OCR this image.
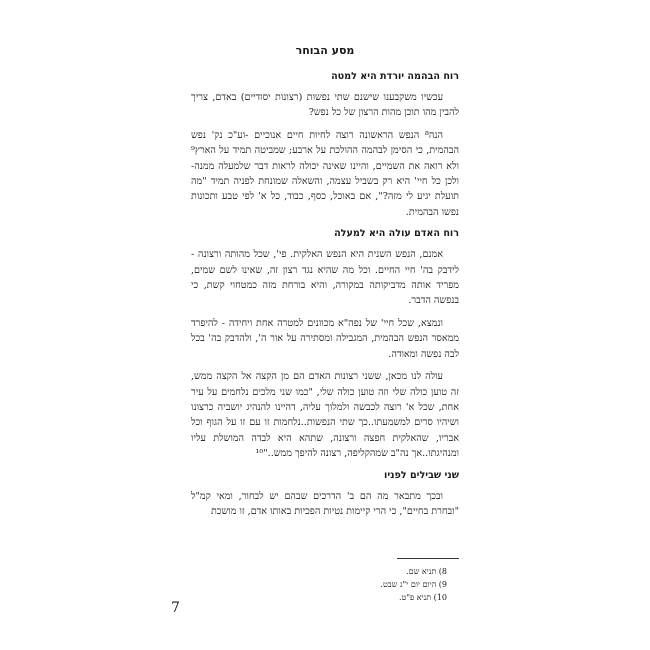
מסע הבוחר
רוח הבהמה יורדת היא למטה

עכשיו משקבענו שישנם שתי נפשות (רצונות יסודיים) באדם, צריך להבין מהו תוכן מהות הרצון של כל נפש?

הנה⁸ הנפש הראשונה רוצה לחיות חיים אנוכיים -וע"כ נק' נפש הבהמית, כי הסימן לבהמה ההולכת על ארבע; שמביטה תמיד על הארץ⁹ ולא רואה את השמיים, והיינו שאינה יכולה לראות דבר שלמעלה ממנה- ולכן כל חיי' היא רק בשביל עצמה, והשאלה שמונחת לפניה תמיד "מה תועלת יגיע לי מזה?", אם באוכל, כסף, כבוד, כל א' לפי טבע ותכונות נפשו הבהמית.

רוח האדם עולה היא למעלה

אמנם, הנפש השנית היא הנפש האלקית. פי', שכל מהותה ורצונה -לידבק בה' חיי החיים. וכל מה שהיא נגד רצון זה, שאינו לשם שמים, מפריד אותה מדביקותה במקורה, והיא בורחת מזה כמטחוי קשת, כי בנפשה הדבר.

ונמצא, שכל חיי' של נפה"א מכוונים למטרה אחת ויחידה - להיפרד ממאסר הנפש הבהמית, המגבילה ומסתירה על אור ה', ולהדבק בה' בכל לבה נפשה ומאודה.

עולה לנו מכאן, ששני רצונות האדם הם מן הקצה אל הקצה ממש, זה טוען כולה שלי וזה טוען כולה שלי, "כמו שני מלכים נלחמים על עיר אחת, שכל א' רוצה לכבשה ולמלוך עליה, דהיינו להנהיג יושביה כרצונו ושיהיו סרים למשמעתו..כך שתי הנפשות..נלחמות זו עם זו על הגוף וכל אבריו, שהאלקית חפצה ורצונה, שתהא היא לבדה המושלת עליו ומנהיגתו..אך נה"ב שמהקליפה, רצונה להיפך ממש.."¹⁰

שני שבילים לפניו

ובכך מתבאר מה הם ב' הדרכים שבהם יש לבחור, ומאי קמ"ל "ובחרת בחיים", כי הרי קיימות נטיות הפכיות באותו אדם, זו מושכת

8) תניא שם.
9) היום יום י"ג שבט.
10) תניא פ"ט.
7
